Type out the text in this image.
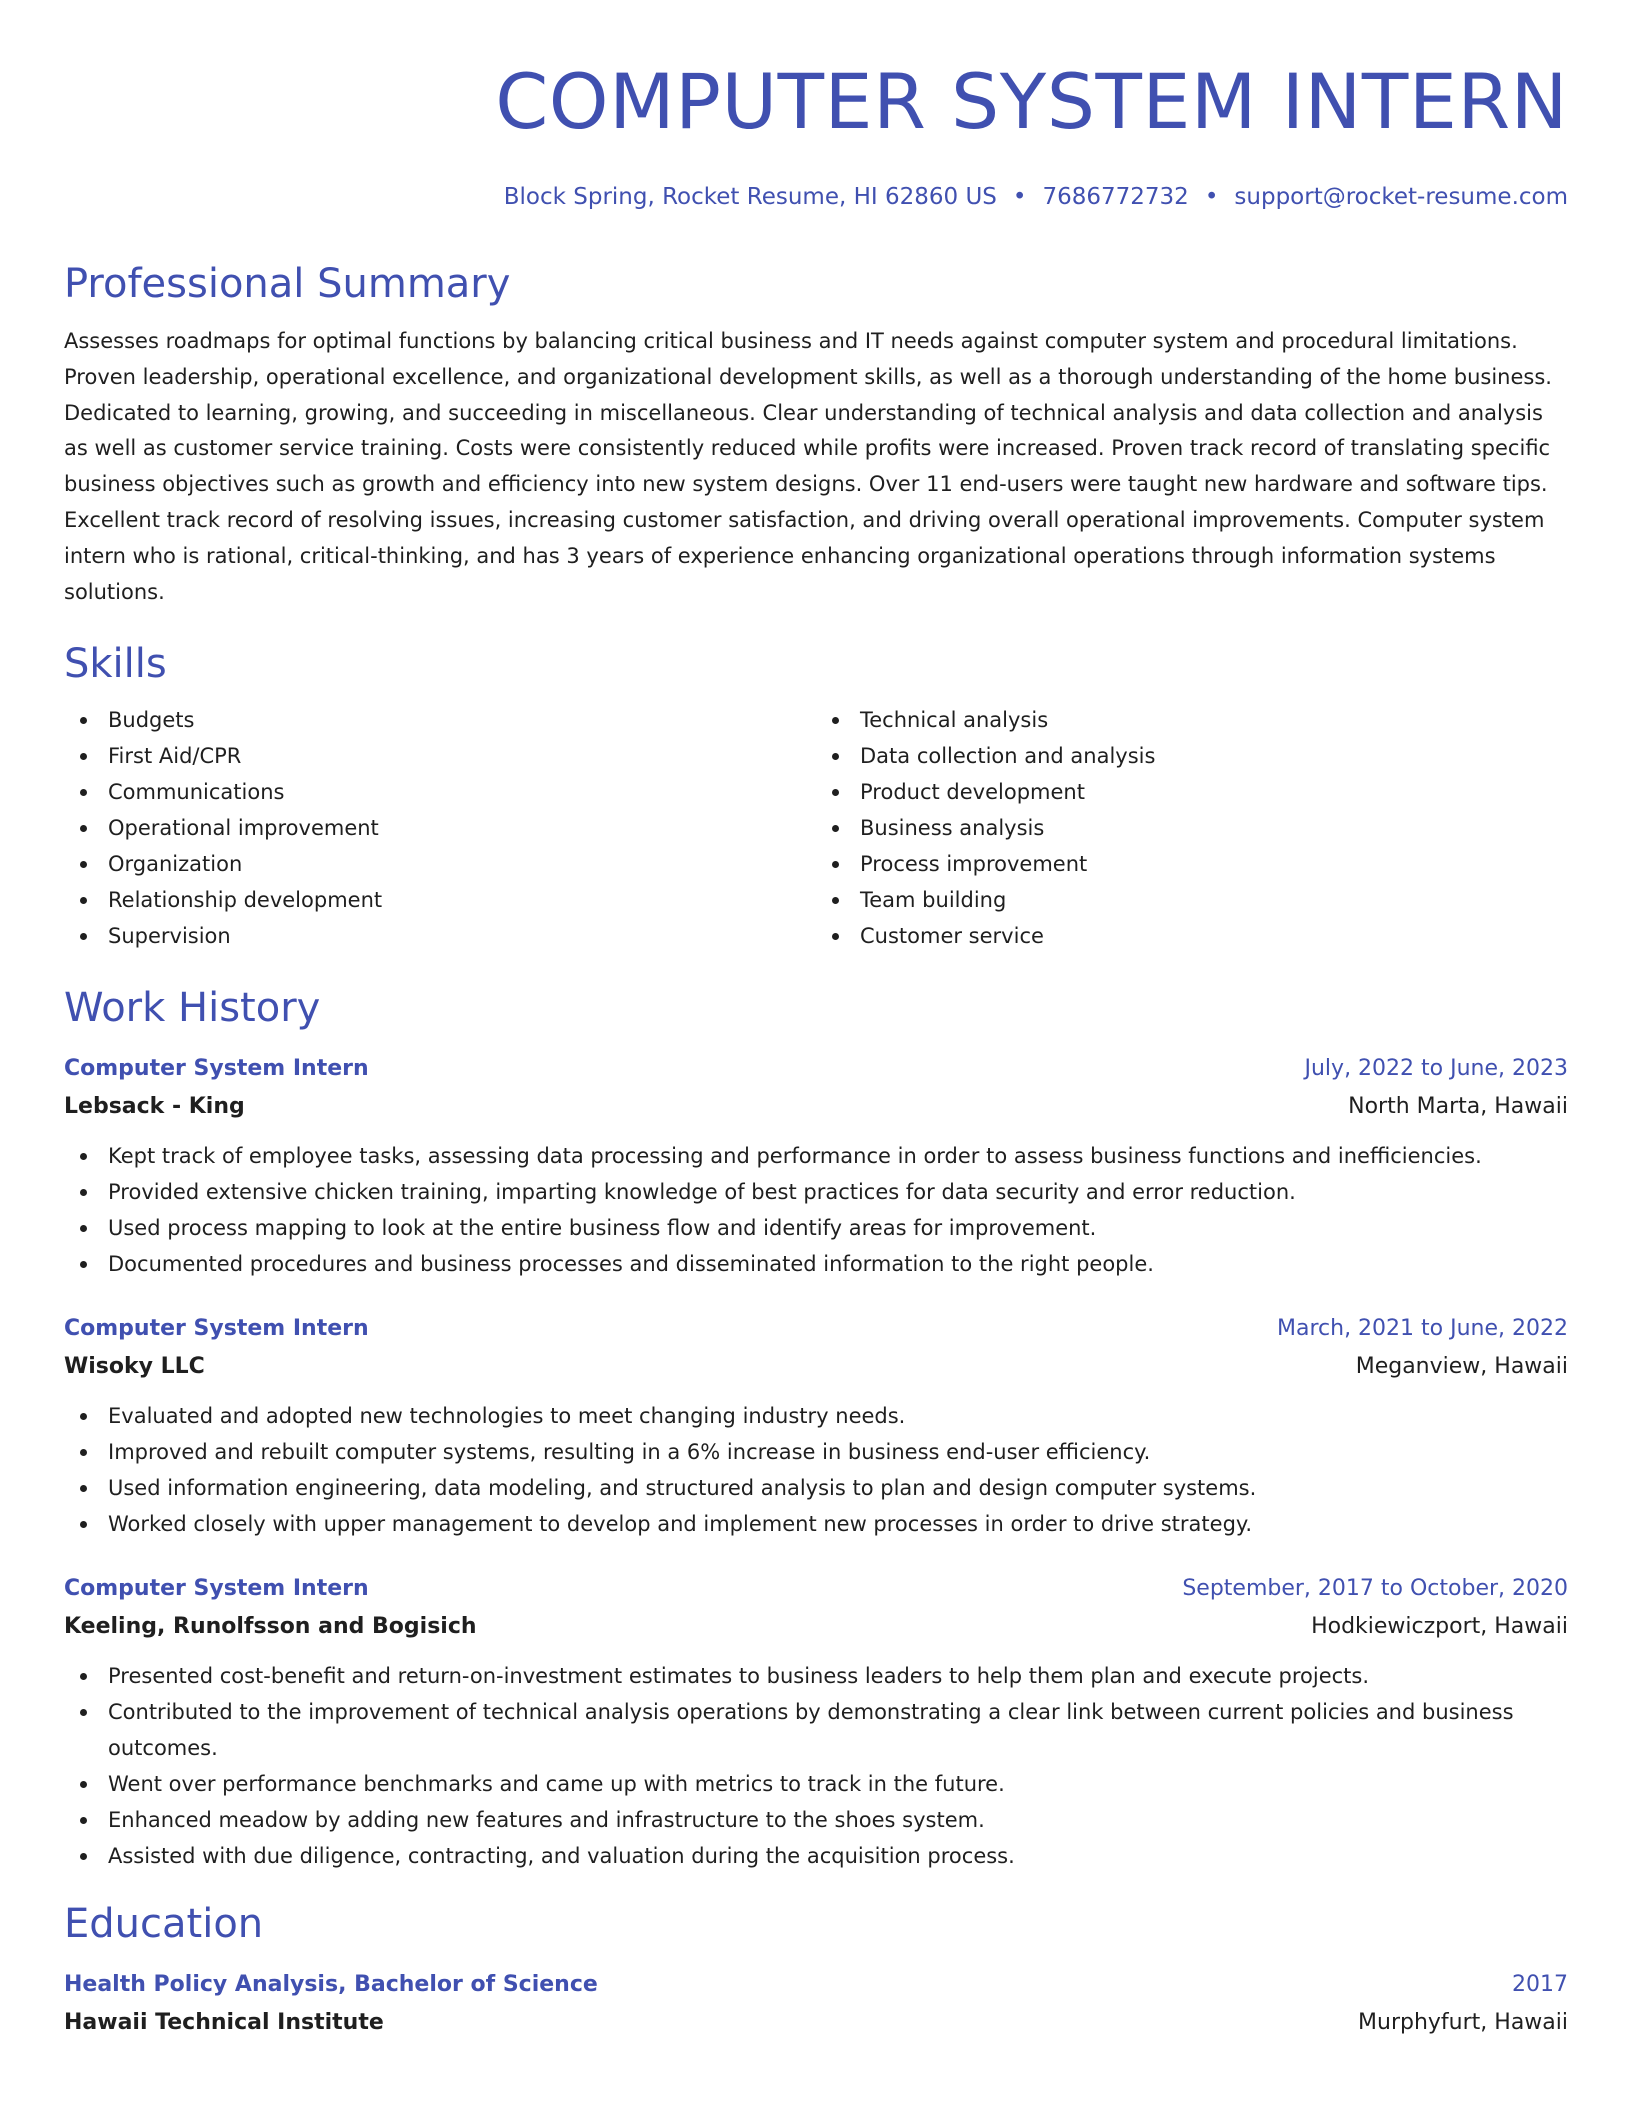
COMPUTER SYSTEM INTERN
Block Spring, Rocket Resume, HI 62860 US • 7686772732 • support@rocket-resume.com
Professional Summary

Assesses roadmaps for optimal functions by balancing critical business and IT needs against computer system and procedural limitations. Proven leadership, operational excellence, and organizational development skills, as well as a thorough understanding of the home business. Dedicated to learning, growing, and succeeding in miscellaneous. Clear understanding of technical analysis and data collection and analysis as well as customer service training. Costs were consistently reduced while profits were increased. Proven track record of translating specific business objectives such as growth and efficiency into new system designs. Over 11 end-users were taught new hardware and software tips. Excellent track record of resolving issues, increasing customer satisfaction, and driving overall operational improvements. Computer system intern who is rational, critical-thinking, and has 3 years of experience enhancing organizational operations through information systems solutions.

Skills
Budgets
First Aid/CPR
Communications
Operational improvement
Organization
Relationship development
Supervision
Technical analysis
Data collection and analysis
Product development
Business analysis
Process improvement
Team building
Customer service
Work History
Computer System Intern	July, 2022 to June, 2023
Lebsack - King	North Marta, Hawaii
Kept track of employee tasks, assessing data processing and performance in order to assess business functions and inefficiencies.
Provided extensive chicken training, imparting knowledge of best practices for data security and error reduction.
Used process mapping to look at the entire business flow and identify areas for improvement.
Documented procedures and business processes and disseminated information to the right people.
Computer System Intern	March, 2021 to June, 2022
Wisoky LLC	Meganview, Hawaii
Evaluated and adopted new technologies to meet changing industry needs.
Improved and rebuilt computer systems, resulting in a 6% increase in business end-user efficiency.
Used information engineering, data modeling, and structured analysis to plan and design computer systems.
Worked closely with upper management to develop and implement new processes in order to drive strategy.
Computer System Intern	September, 2017 to October, 2020
Keeling, Runolfsson and Bogisich	Hodkiewiczport, Hawaii
Presented cost-benefit and return-on-investment estimates to business leaders to help them plan and execute projects.
Contributed to the improvement of technical analysis operations by demonstrating a clear link between current policies and business outcomes.
Went over performance benchmarks and came up with metrics to track in the future.
Enhanced meadow by adding new features and infrastructure to the shoes system.
Assisted with due diligence, contracting, and valuation during the acquisition process.
Education
Health Policy Analysis, Bachelor of Science	2017
Hawaii Technical Institute	Murphyfurt, Hawaii
